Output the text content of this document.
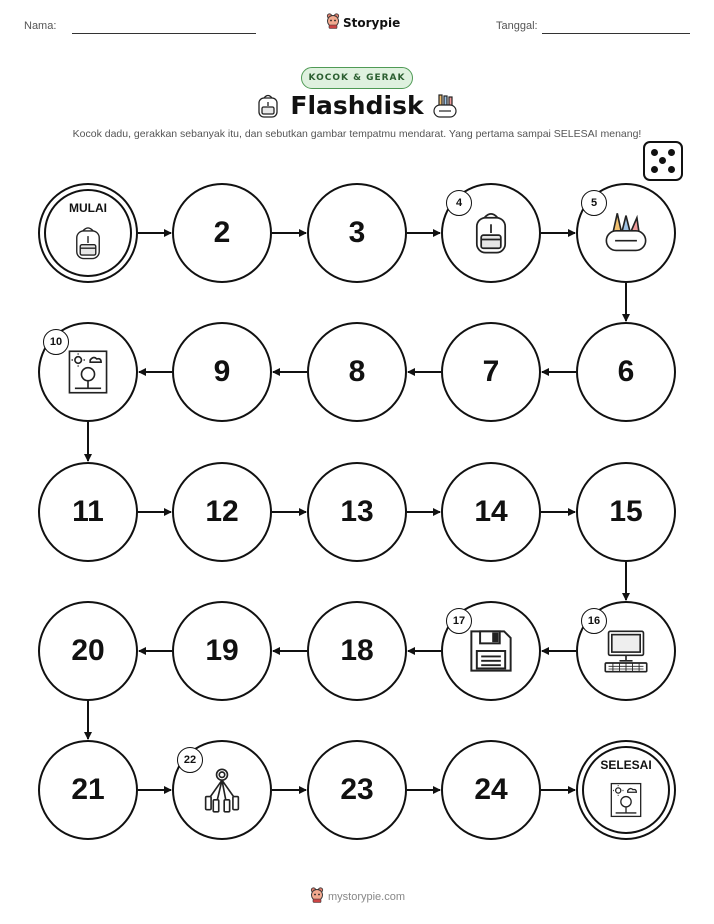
Nama:	Storypie	Tanggal:
KOCOK & GERAK
Flashdisk
Kocok dadu, gerakkan sebanyak itu, dan sebutkan gambar tempatmu mendarat. Yang pertama sampai SELESAI menang!
MULAI
2	3
4	5
6
7
8
9
10
11	12	13	14	15
16
17
18
19
20
21
22
23	24
SELESAI
mystorypie.com
